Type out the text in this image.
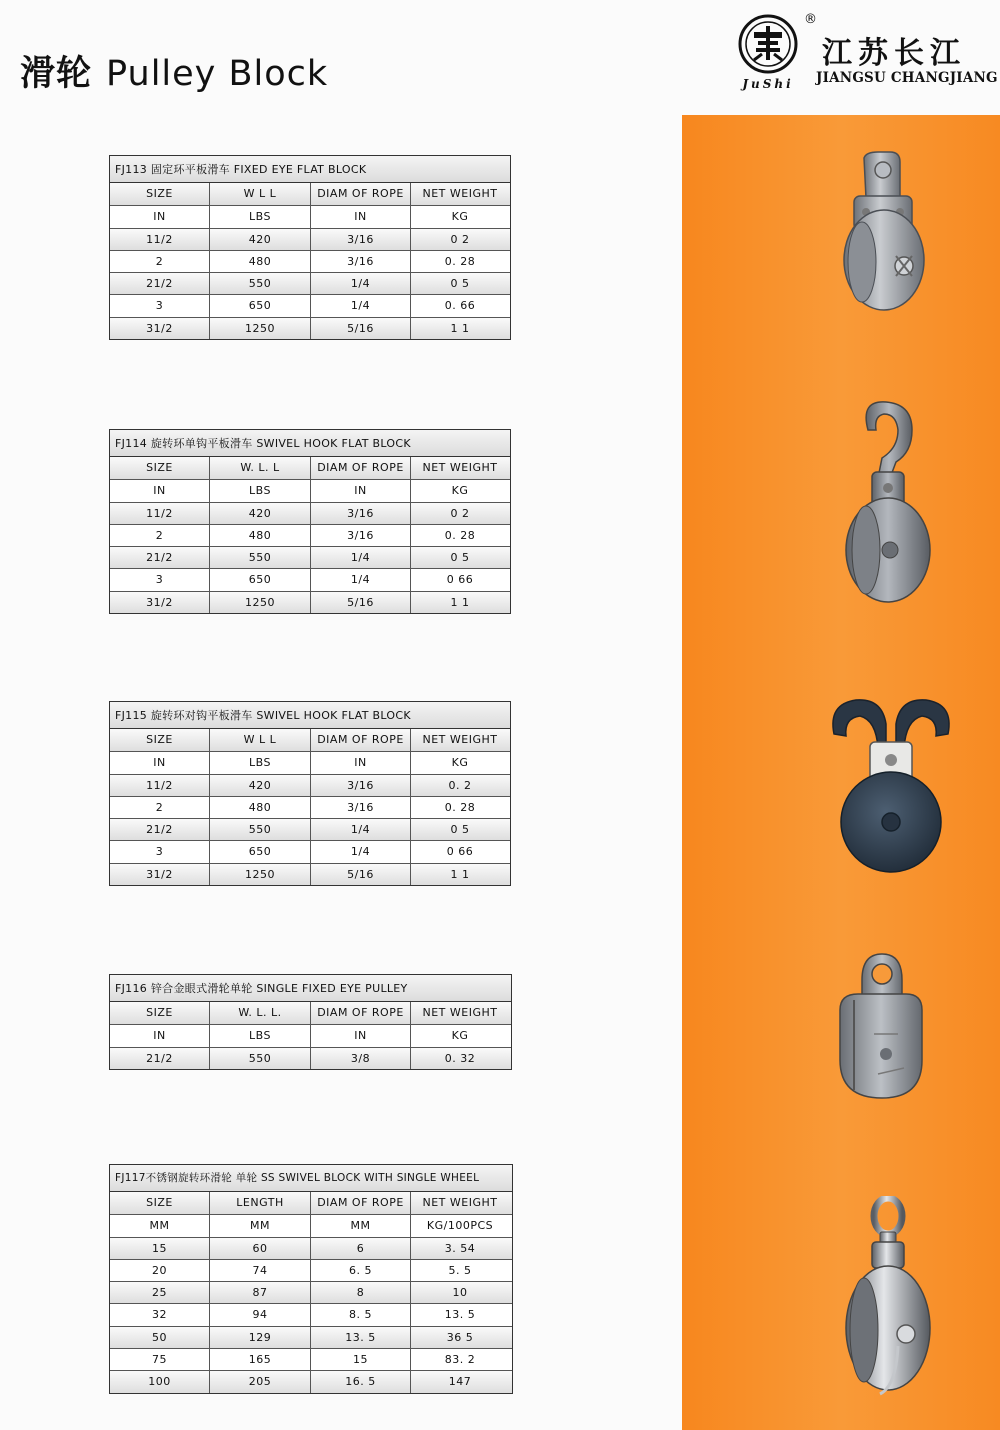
滑轮 Pulley Block	JuShi
®
江苏长江
JIANGSU CHANGJIANG
FJ113 固定环平板滑车 FIXED EYE FLAT BLOCK
SIZE	W L L	DIAM OF ROPE	NET WEIGHT
IN	LBS	IN	KG
11/2	420	3/16	0 2
2	480	3/16	0. 28
21/2	550	1/4	0 5
3	650	1/4	0. 66
31/2	1250	5/16	1 1
FJ114 旋转环单钩平板滑车 SWIVEL HOOK FLAT BLOCK
SIZE	W. L. L	DIAM OF ROPE	NET WEIGHT
IN	LBS	IN	KG
11/2	420	3/16	0 2
2	480	3/16	0. 28
21/2	550	1/4	0 5
3	650	1/4	0 66
31/2	1250	5/16	1 1
FJ115 旋转环对钩平板滑车 SWIVEL HOOK FLAT BLOCK
SIZE	W L L	DIAM OF ROPE	NET WEIGHT
IN	LBS	IN	KG
11/2	420	3/16	0. 2
2	480	3/16	0. 28
21/2	550	1/4	0 5
3	650	1/4	0 66
31/2	1250	5/16	1 1
FJ116 锌合金眼式滑轮单轮 SINGLE FIXED EYE PULLEY
SIZE	W. L. L.	DIAM OF ROPE	NET WEIGHT
IN	LBS	IN	KG
21/2	550	3/8	0. 32
FJ117不锈钢旋转环滑轮 单轮 SS SWIVEL BLOCK WITH SINGLE WHEEL
SIZE	LENGTH	DIAM OF ROPE	NET WEIGHT
MM	MM	MM	KG/100PCS
15	60	6	3. 54
20	74	6. 5	5. 5
25	87	8	10
32	94	8. 5	13. 5
50	129	13. 5	36 5
75	165	15	83. 2
100	205	16. 5	147
